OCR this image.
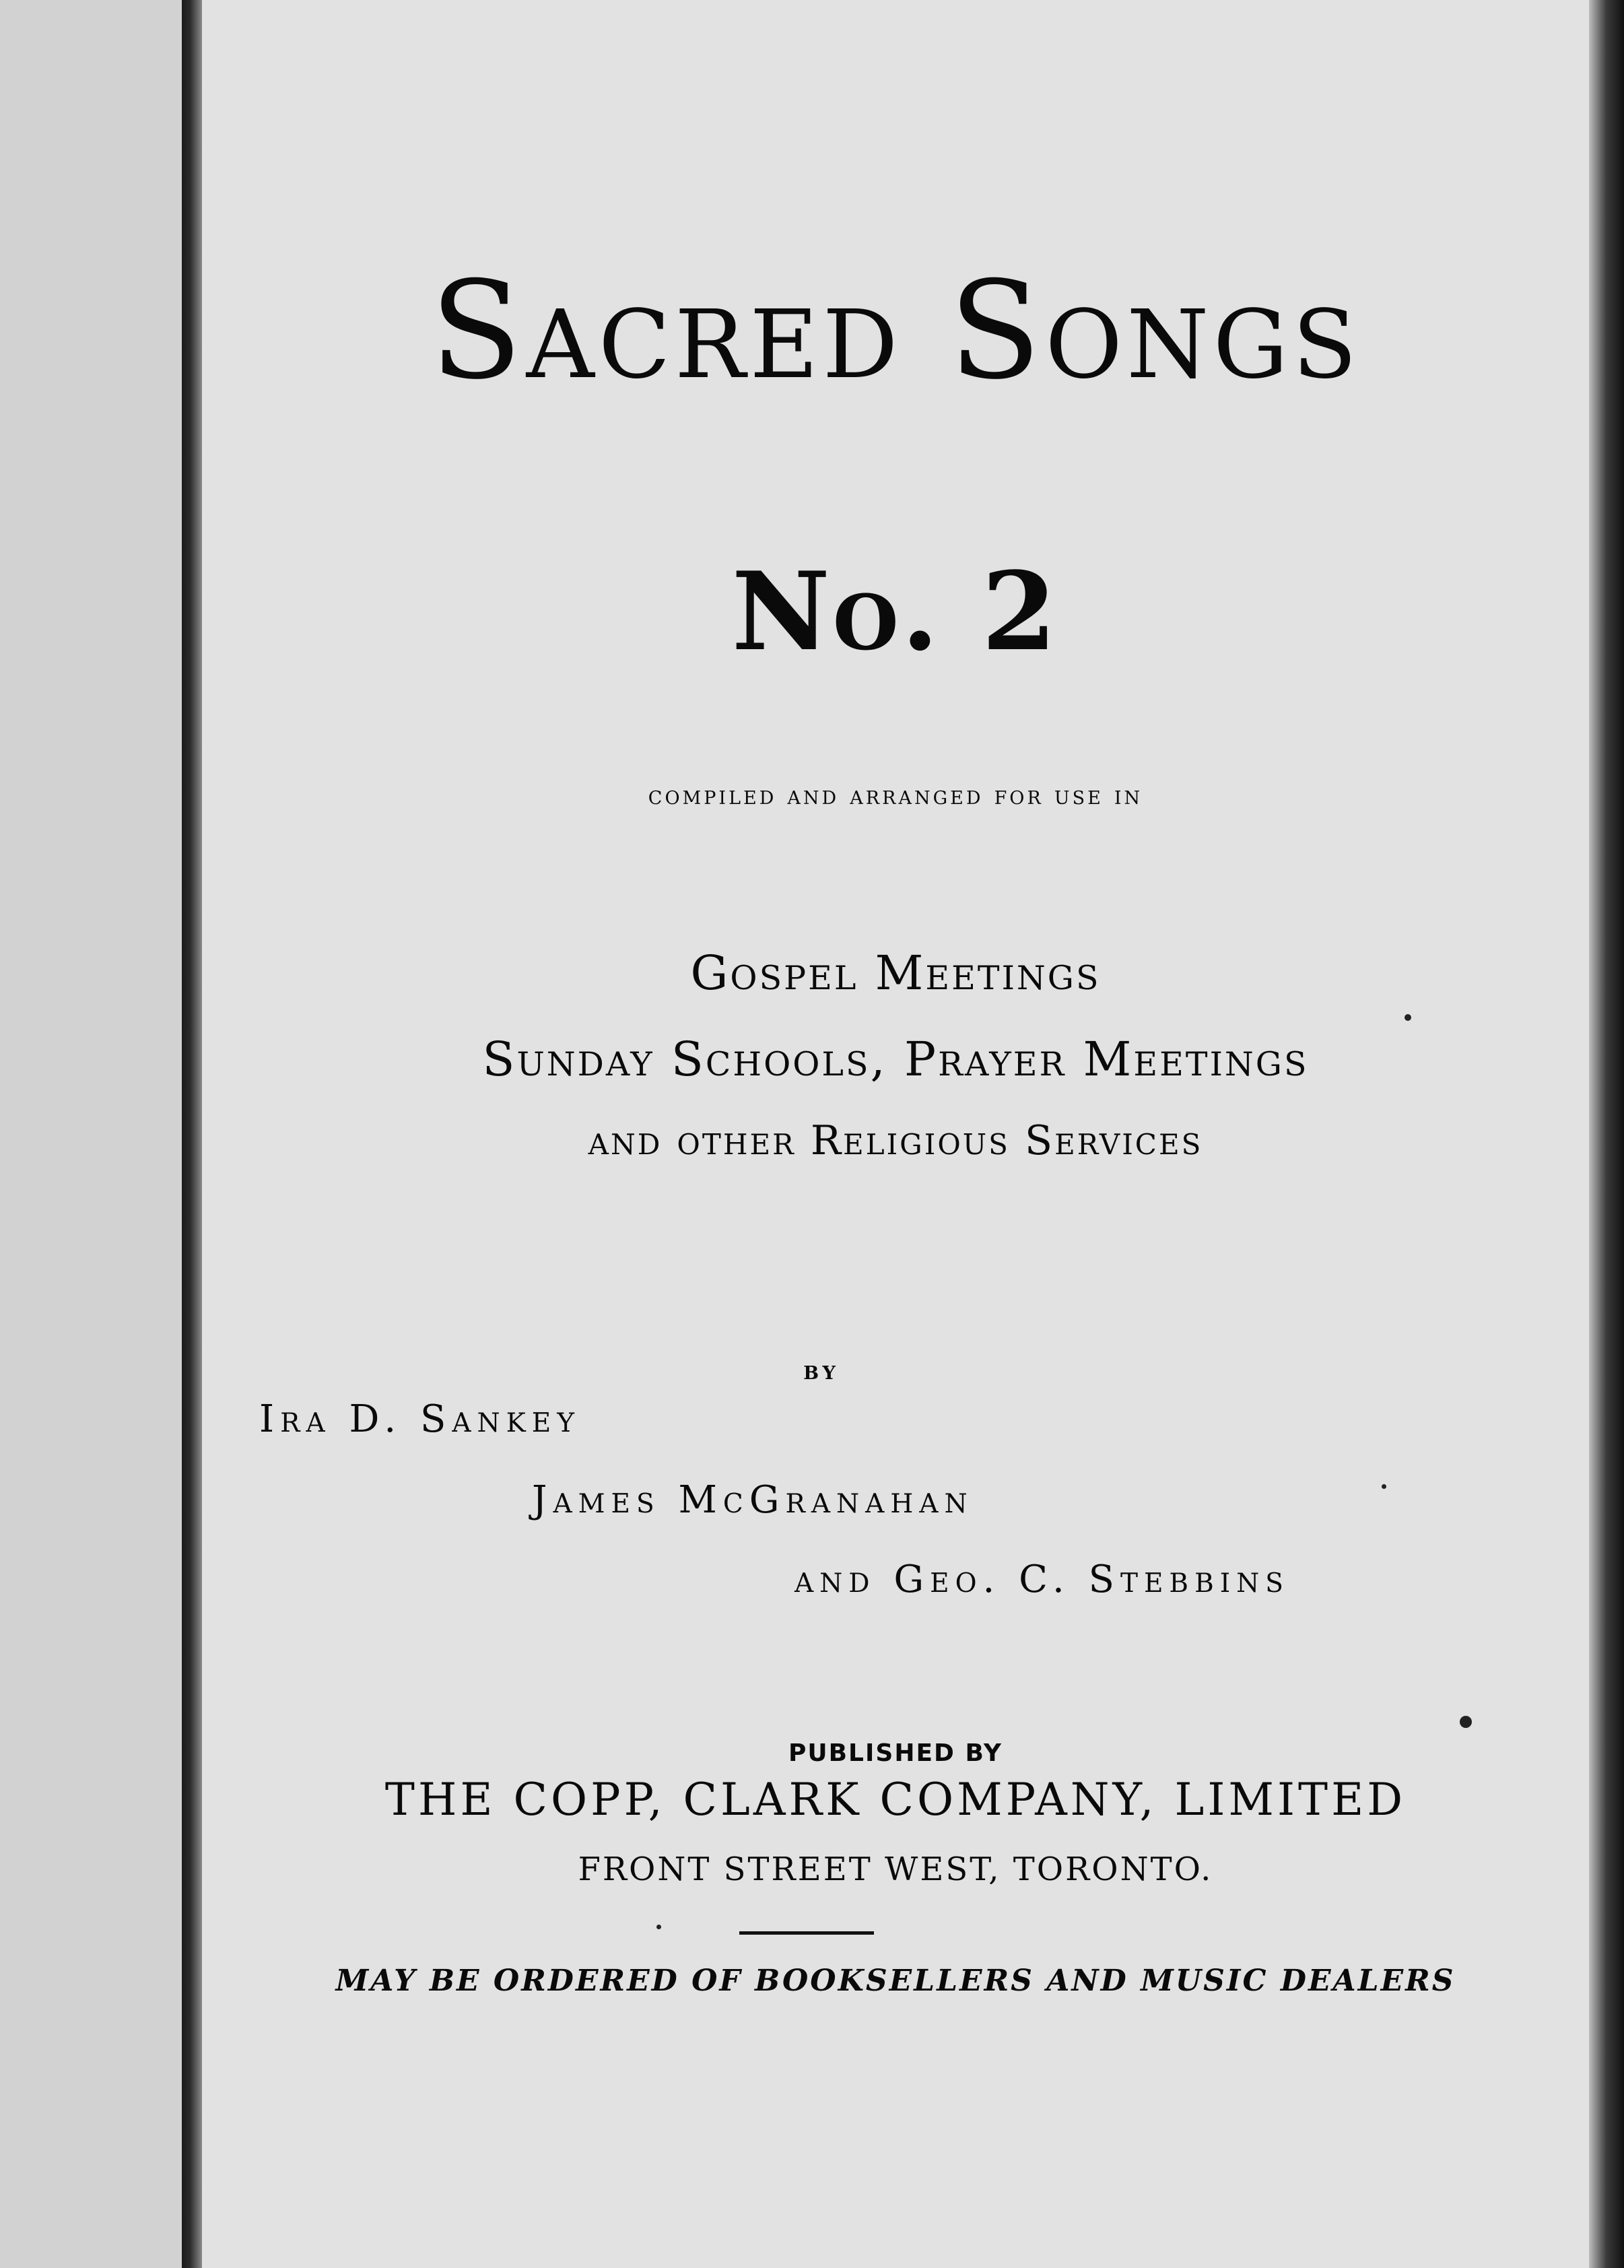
Sacred Songs
No. 2

compiled and arranged for use in

Gospel Meetings

Sunday Schools, Prayer Meetings

and other Religious Services

by

Ira D. Sankey

James McGranahan

and Geo. C. Stebbins

PUBLISHED BY

THE COPP, CLARK COMPANY, LIMITED

FRONT STREET WEST, TORONTO.

MAY BE ORDERED OF BOOKSELLERS AND MUSIC DEALERS
